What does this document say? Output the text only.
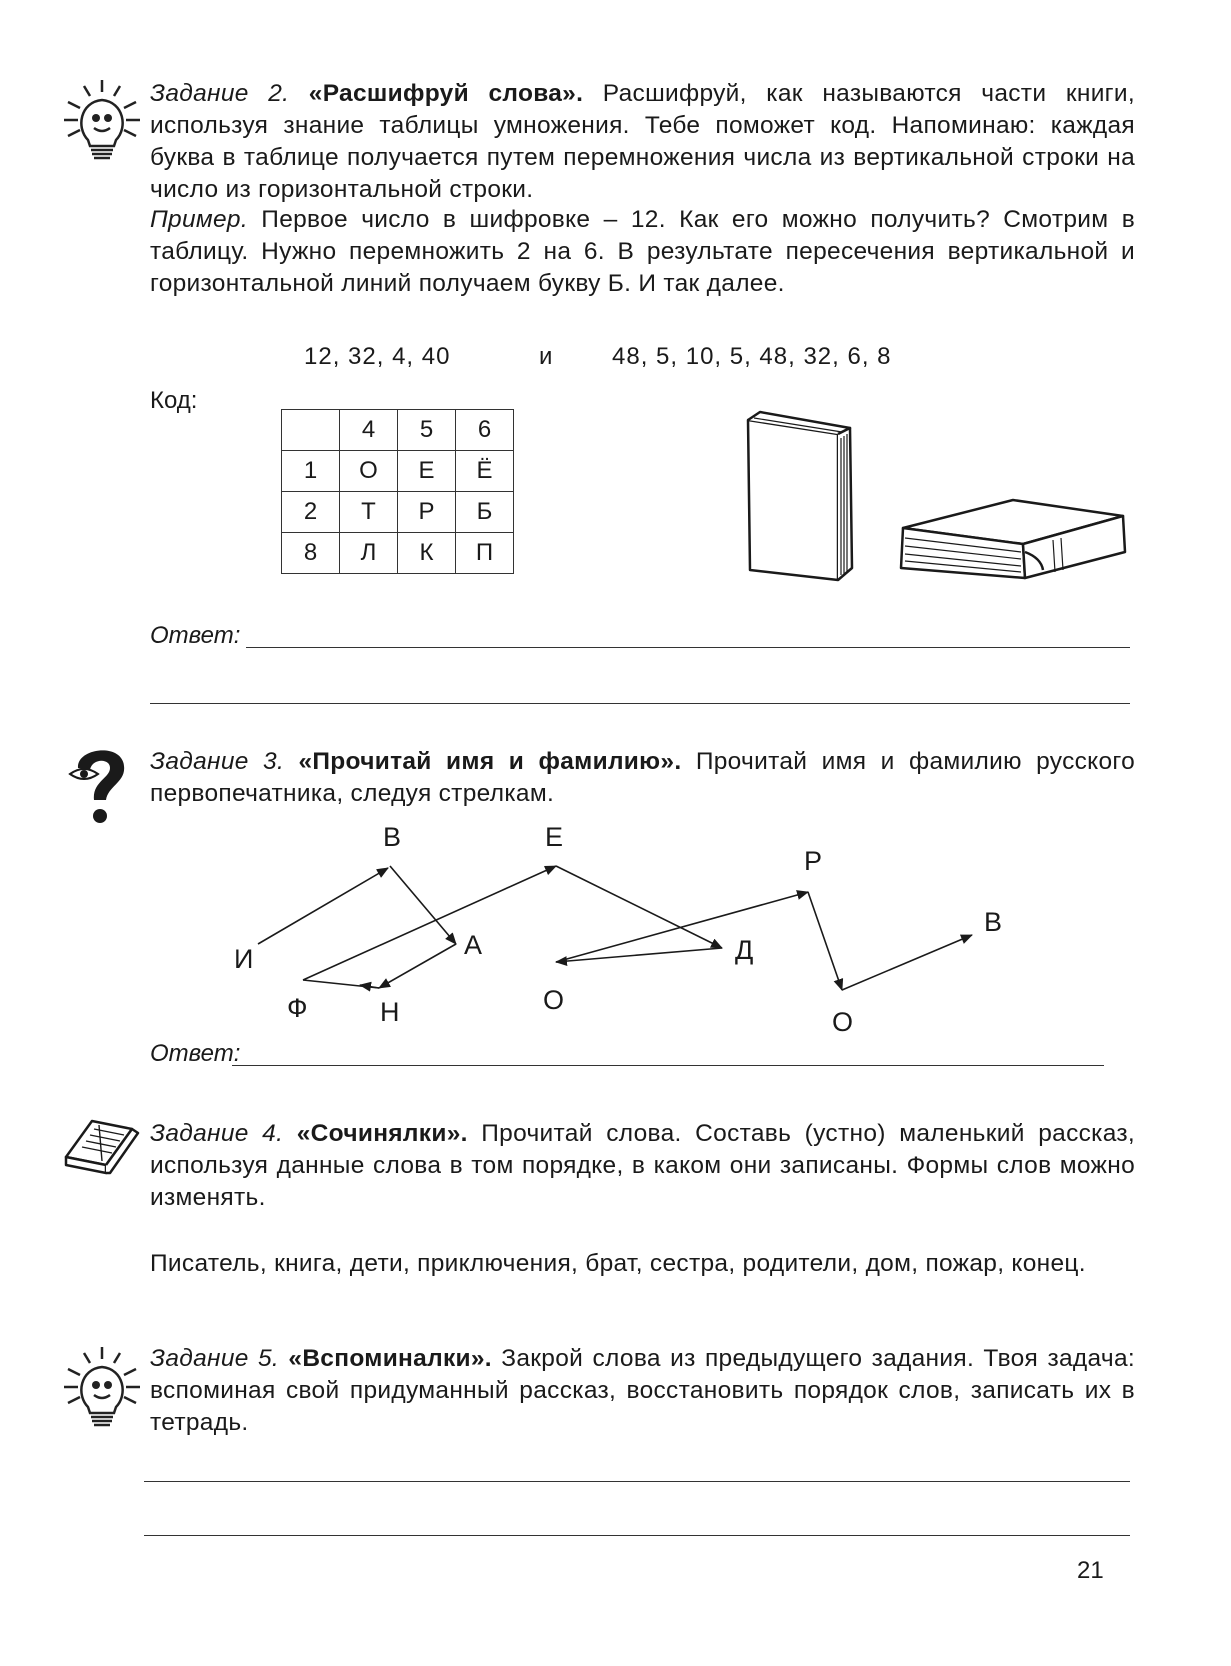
Задание 2. «Расшифруй слова». Расшифруй, как называются части книги, используя знание таблицы умножения. Тебе поможет код. Напоминаю: каждая буква в таблице получается путем перемножения числа из вертикальной строки на число из горизонтальной строки.
Пример. Первое число в шифровке – 12. Как его можно получить? Смотрим в таблицу. Нужно перемножить 2 на 6. В результате пересечения вертикальной и горизонтальной линий получаем букву Б. И так далее.
12, 32, 4, 40	и 48, 5, 10, 5, 48, 32, 6, 8
Код:
	4	5	6
1	О	Е	Ё
2	Т	Р	Б
8	Л	К	П
Ответ:
Задание 3. «Прочитай имя и фамилию». Прочитай имя и фамилию русского первопечатника, следуя стрелкам.
И
В
А
Н
Ф
Е
Д
О
Р
О
В
Ответ:
Задание 4. «Сочинялки». Прочитай слова. Составь (устно) маленький рассказ, используя данные слова в том порядке, в каком они записаны. Формы слов можно изменять.
Писатель, книга, дети, приключения, брат, сестра, родители, дом, пожар, конец.
Задание 5. «Вспоминалки». Закрой слова из предыдущего задания. Твоя задача: вспоминая свой придуманный рассказ, восстановить порядок слов, записать их в тетрадь.
21
